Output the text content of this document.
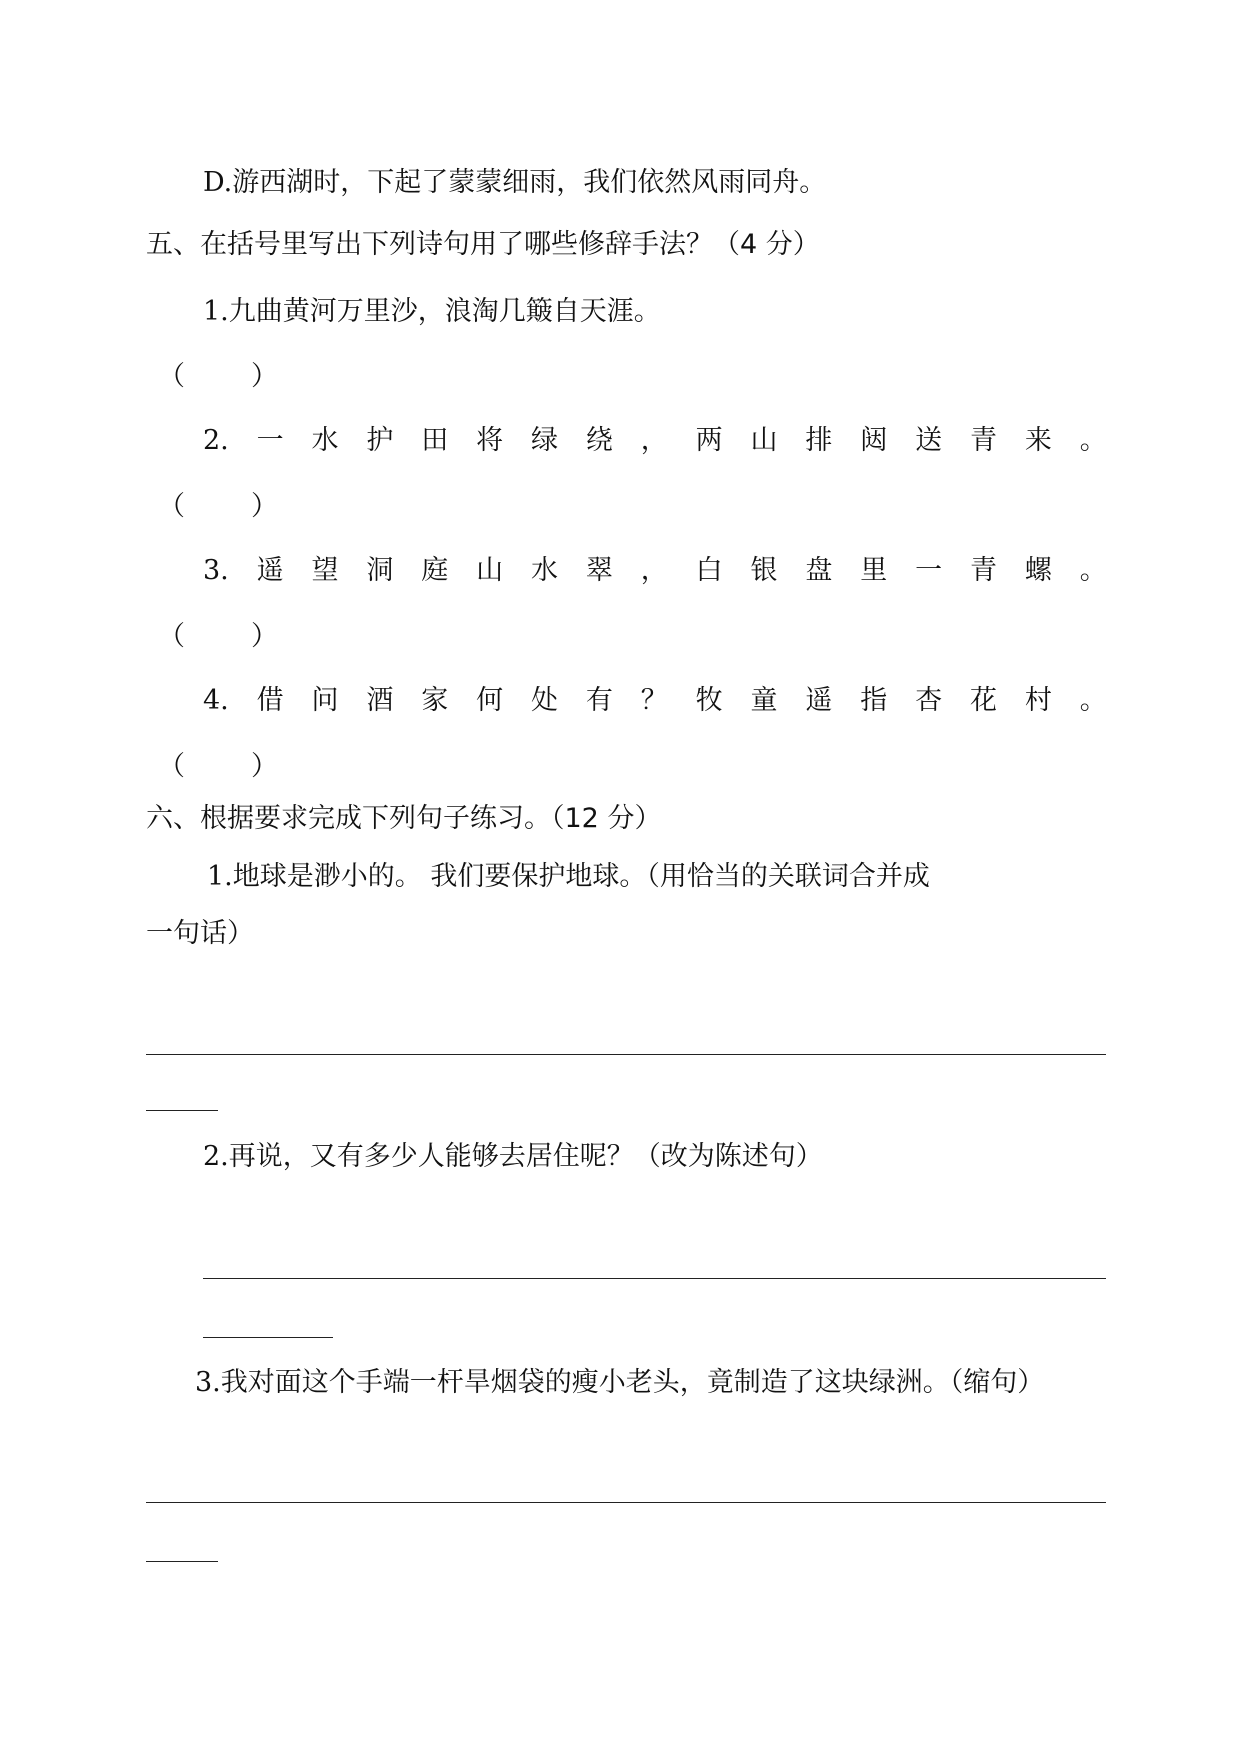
D.游西湖时，下起了蒙蒙细雨，我们依然风雨同舟。
五、在括号里写出下列诗句用了哪些修辞手法？（4 分）
1.九曲黄河万里沙，浪淘几簸自天涯。
（ ）
2. 一 水 护 田 将 绿 绕 ， 两 山 排 闼 送 青 来 。
（ ）
3. 遥 望 洞 庭 山 水 翠 ， 白 银 盘 里 一 青 螺 。
（ ）
4. 借 问 酒 家 何 处 有 ？ 牧 童 遥 指 杏 花 村 。
（ ）
六、根据要求完成下列句子练习。（12 分）
1.地球是渺小的。 我们要保护地球。（用恰当的关联词合并成
一句话）
2.再说，又有多少人能够去居住呢？（改为陈述句）
3.我对面这个手端一杆旱烟袋的瘦小老头，竟制造了这块绿洲。（缩句）
